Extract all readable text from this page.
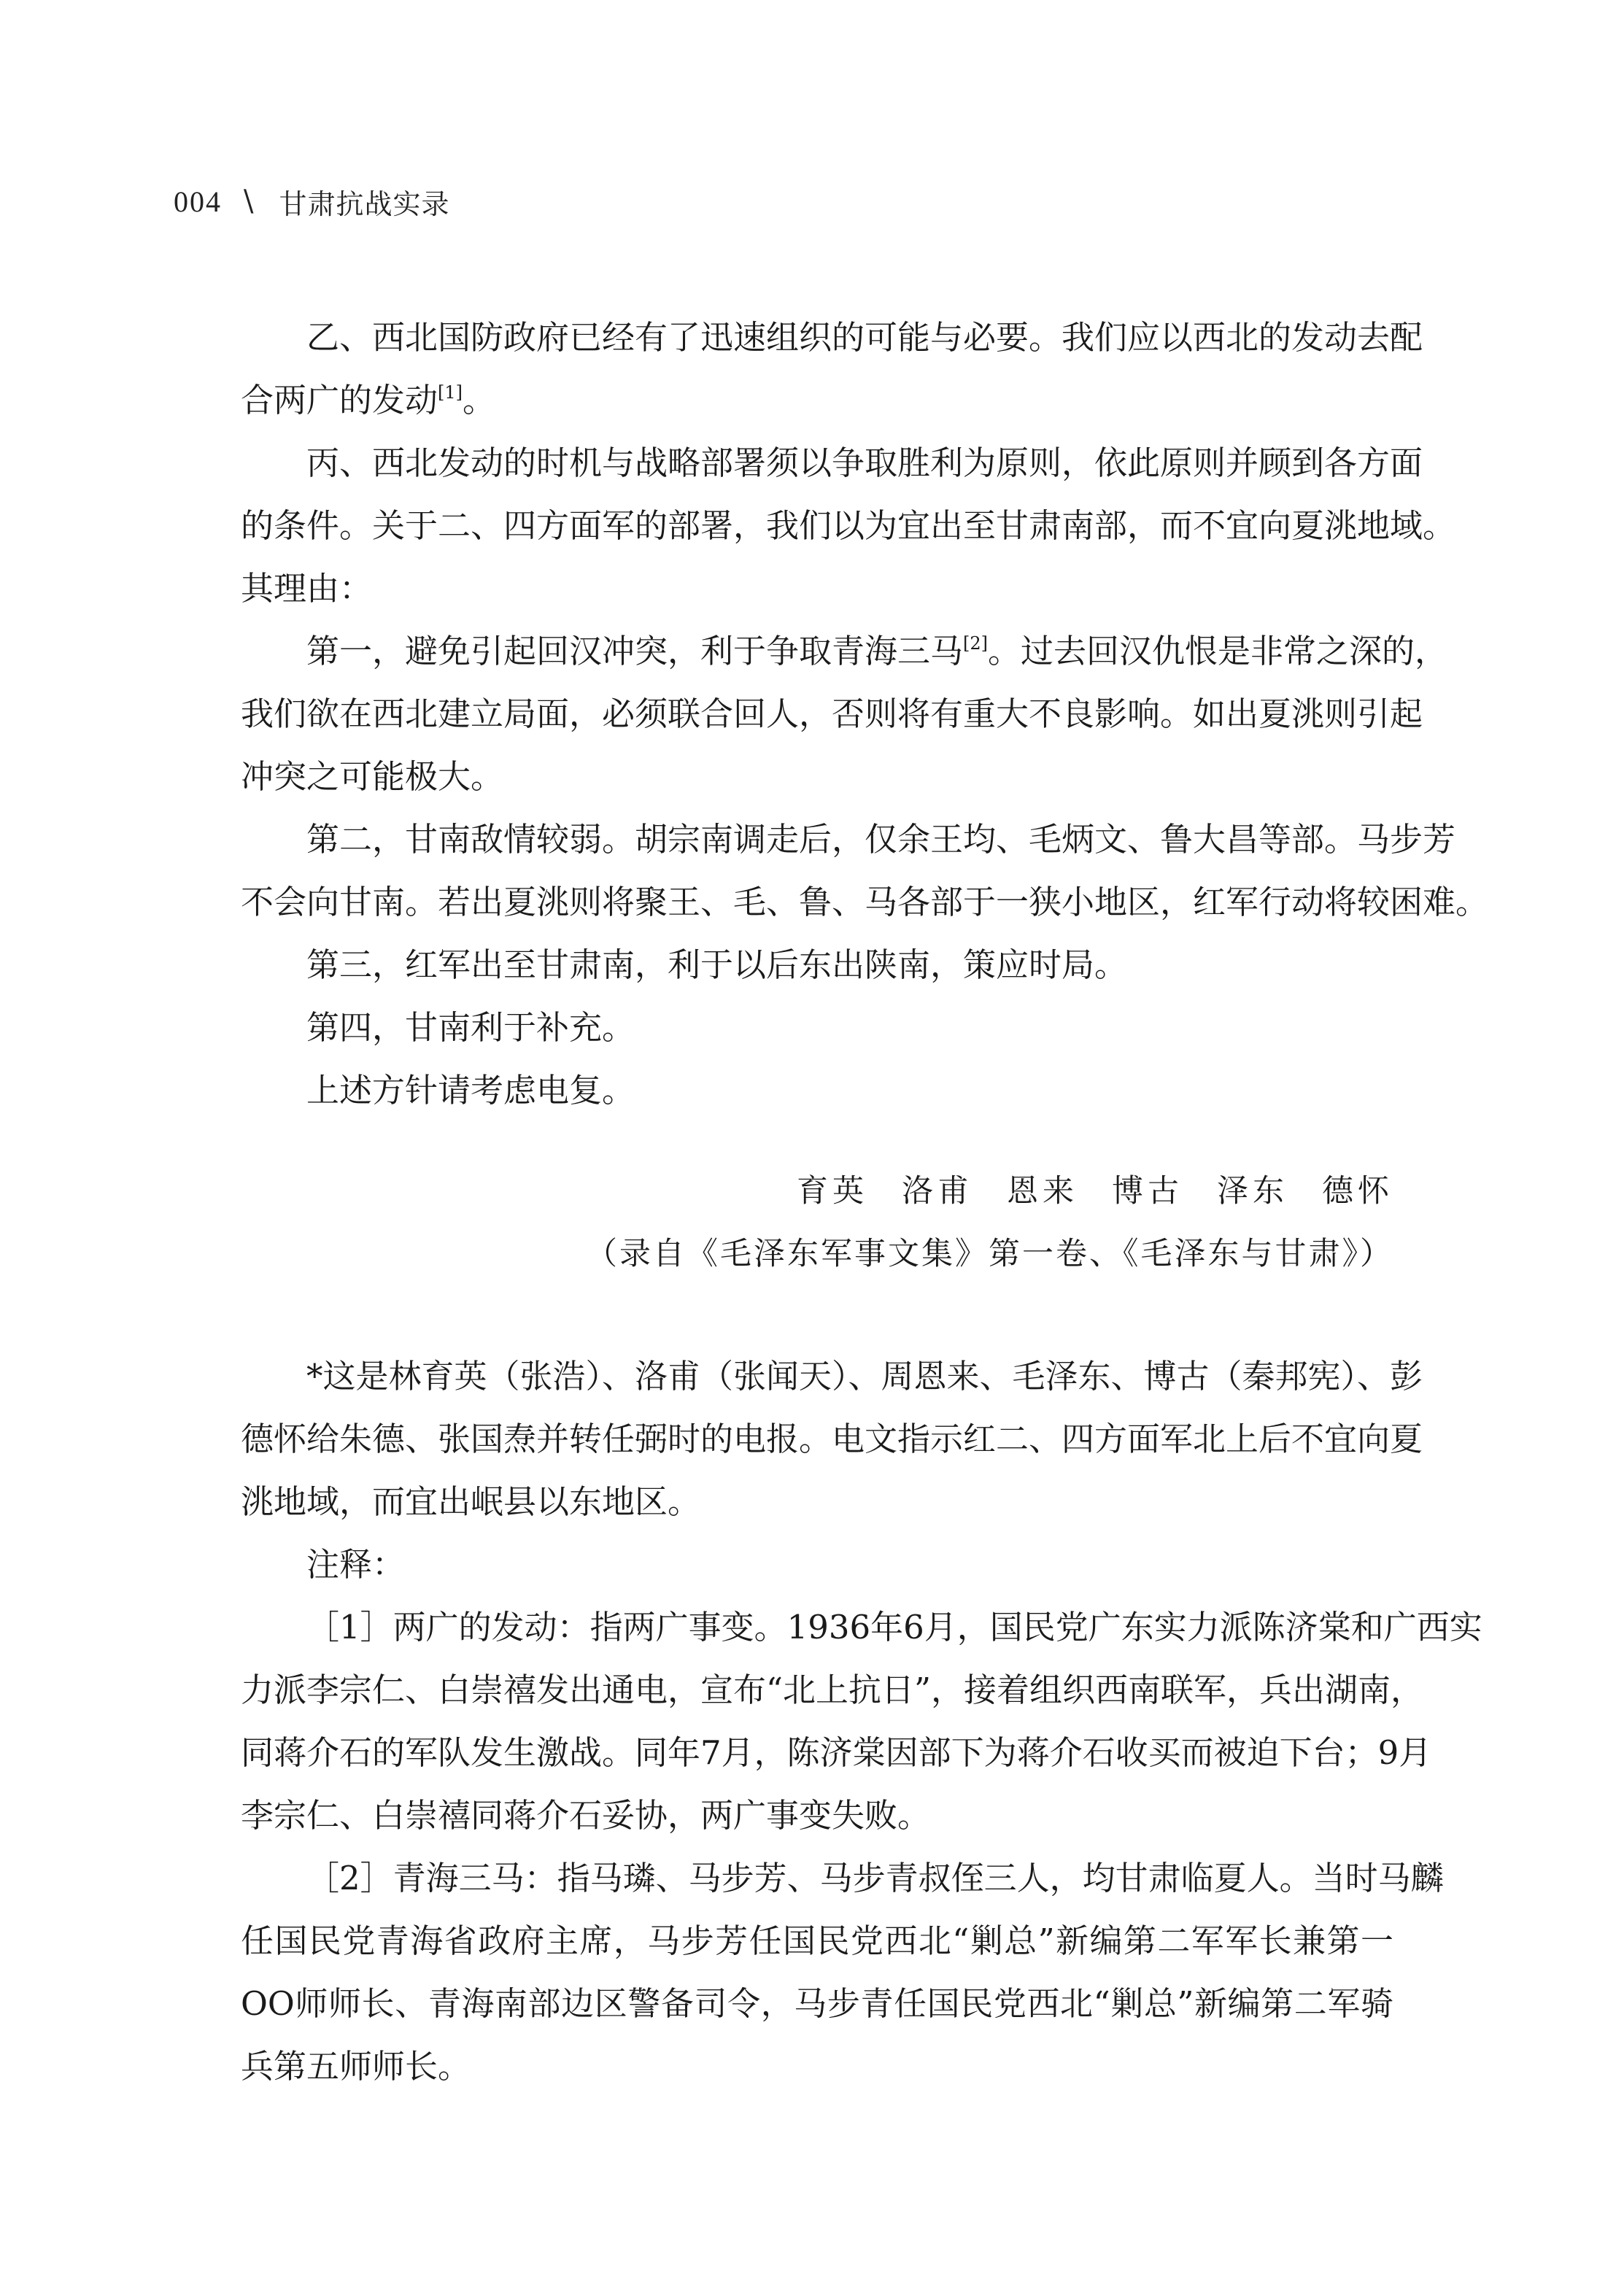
004 \ 甘肃抗战实录
乙、西北国防政府已经有了迅速组织的可能与必要。我们应以西北的发动去配
合两广的发动[1]。
丙、西北发动的时机与战略部署须以争取胜利为原则，依此原则并顾到各方面
的条件。关于二、四方面军的部署，我们以为宜出至甘肃南部，而不宜向夏洮地域。
其理由：
第一，避免引起回汉冲突，利于争取青海三马[2]。过去回汉仇恨是非常之深的，
我们欲在西北建立局面，必须联合回人，否则将有重大不良影响。如出夏洮则引起
冲突之可能极大。
第二，甘南敌情较弱。胡宗南调走后，仅余王均、毛炳文、鲁大昌等部。马步芳
不会向甘南。若出夏洮则将聚王、毛、鲁、马各部于一狭小地区，红军行动将较困难。
第三，红军出至甘肃南，利于以后东出陕南，策应时局。
第四，甘南利于补充。
上述方针请考虑电复。
育英 洛甫 恩来 博古 泽东 德怀
（录自《毛泽东军事文集》第一卷、《毛泽东与甘肃》）
*这是林育英（张浩）、洛甫（张闻天）、周恩来、毛泽东、博古（秦邦宪）、彭
德怀给朱德、张国焘并转任弼时的电报。电文指示红二、四方面军北上后不宜向夏
洮地域，而宜出岷县以东地区。
注释：
［1］两广的发动：指两广事变。1936年6月，国民党广东实力派陈济棠和广西实
力派李宗仁、白崇禧发出通电，宣布“北上抗日”，接着组织西南联军，兵出湖南，
同蒋介石的军队发生激战。同年7月，陈济棠因部下为蒋介石收买而被迫下台；9月
李宗仁、白崇禧同蒋介石妥协，两广事变失败。
［2］青海三马：指马璘、马步芳、马步青叔侄三人，均甘肃临夏人。当时马麟
任国民党青海省政府主席，马步芳任国民党西北“剿总”新编第二军军长兼第一
OO师师长、青海南部边区警备司令，马步青任国民党西北“剿总”新编第二军骑
兵第五师师长。
